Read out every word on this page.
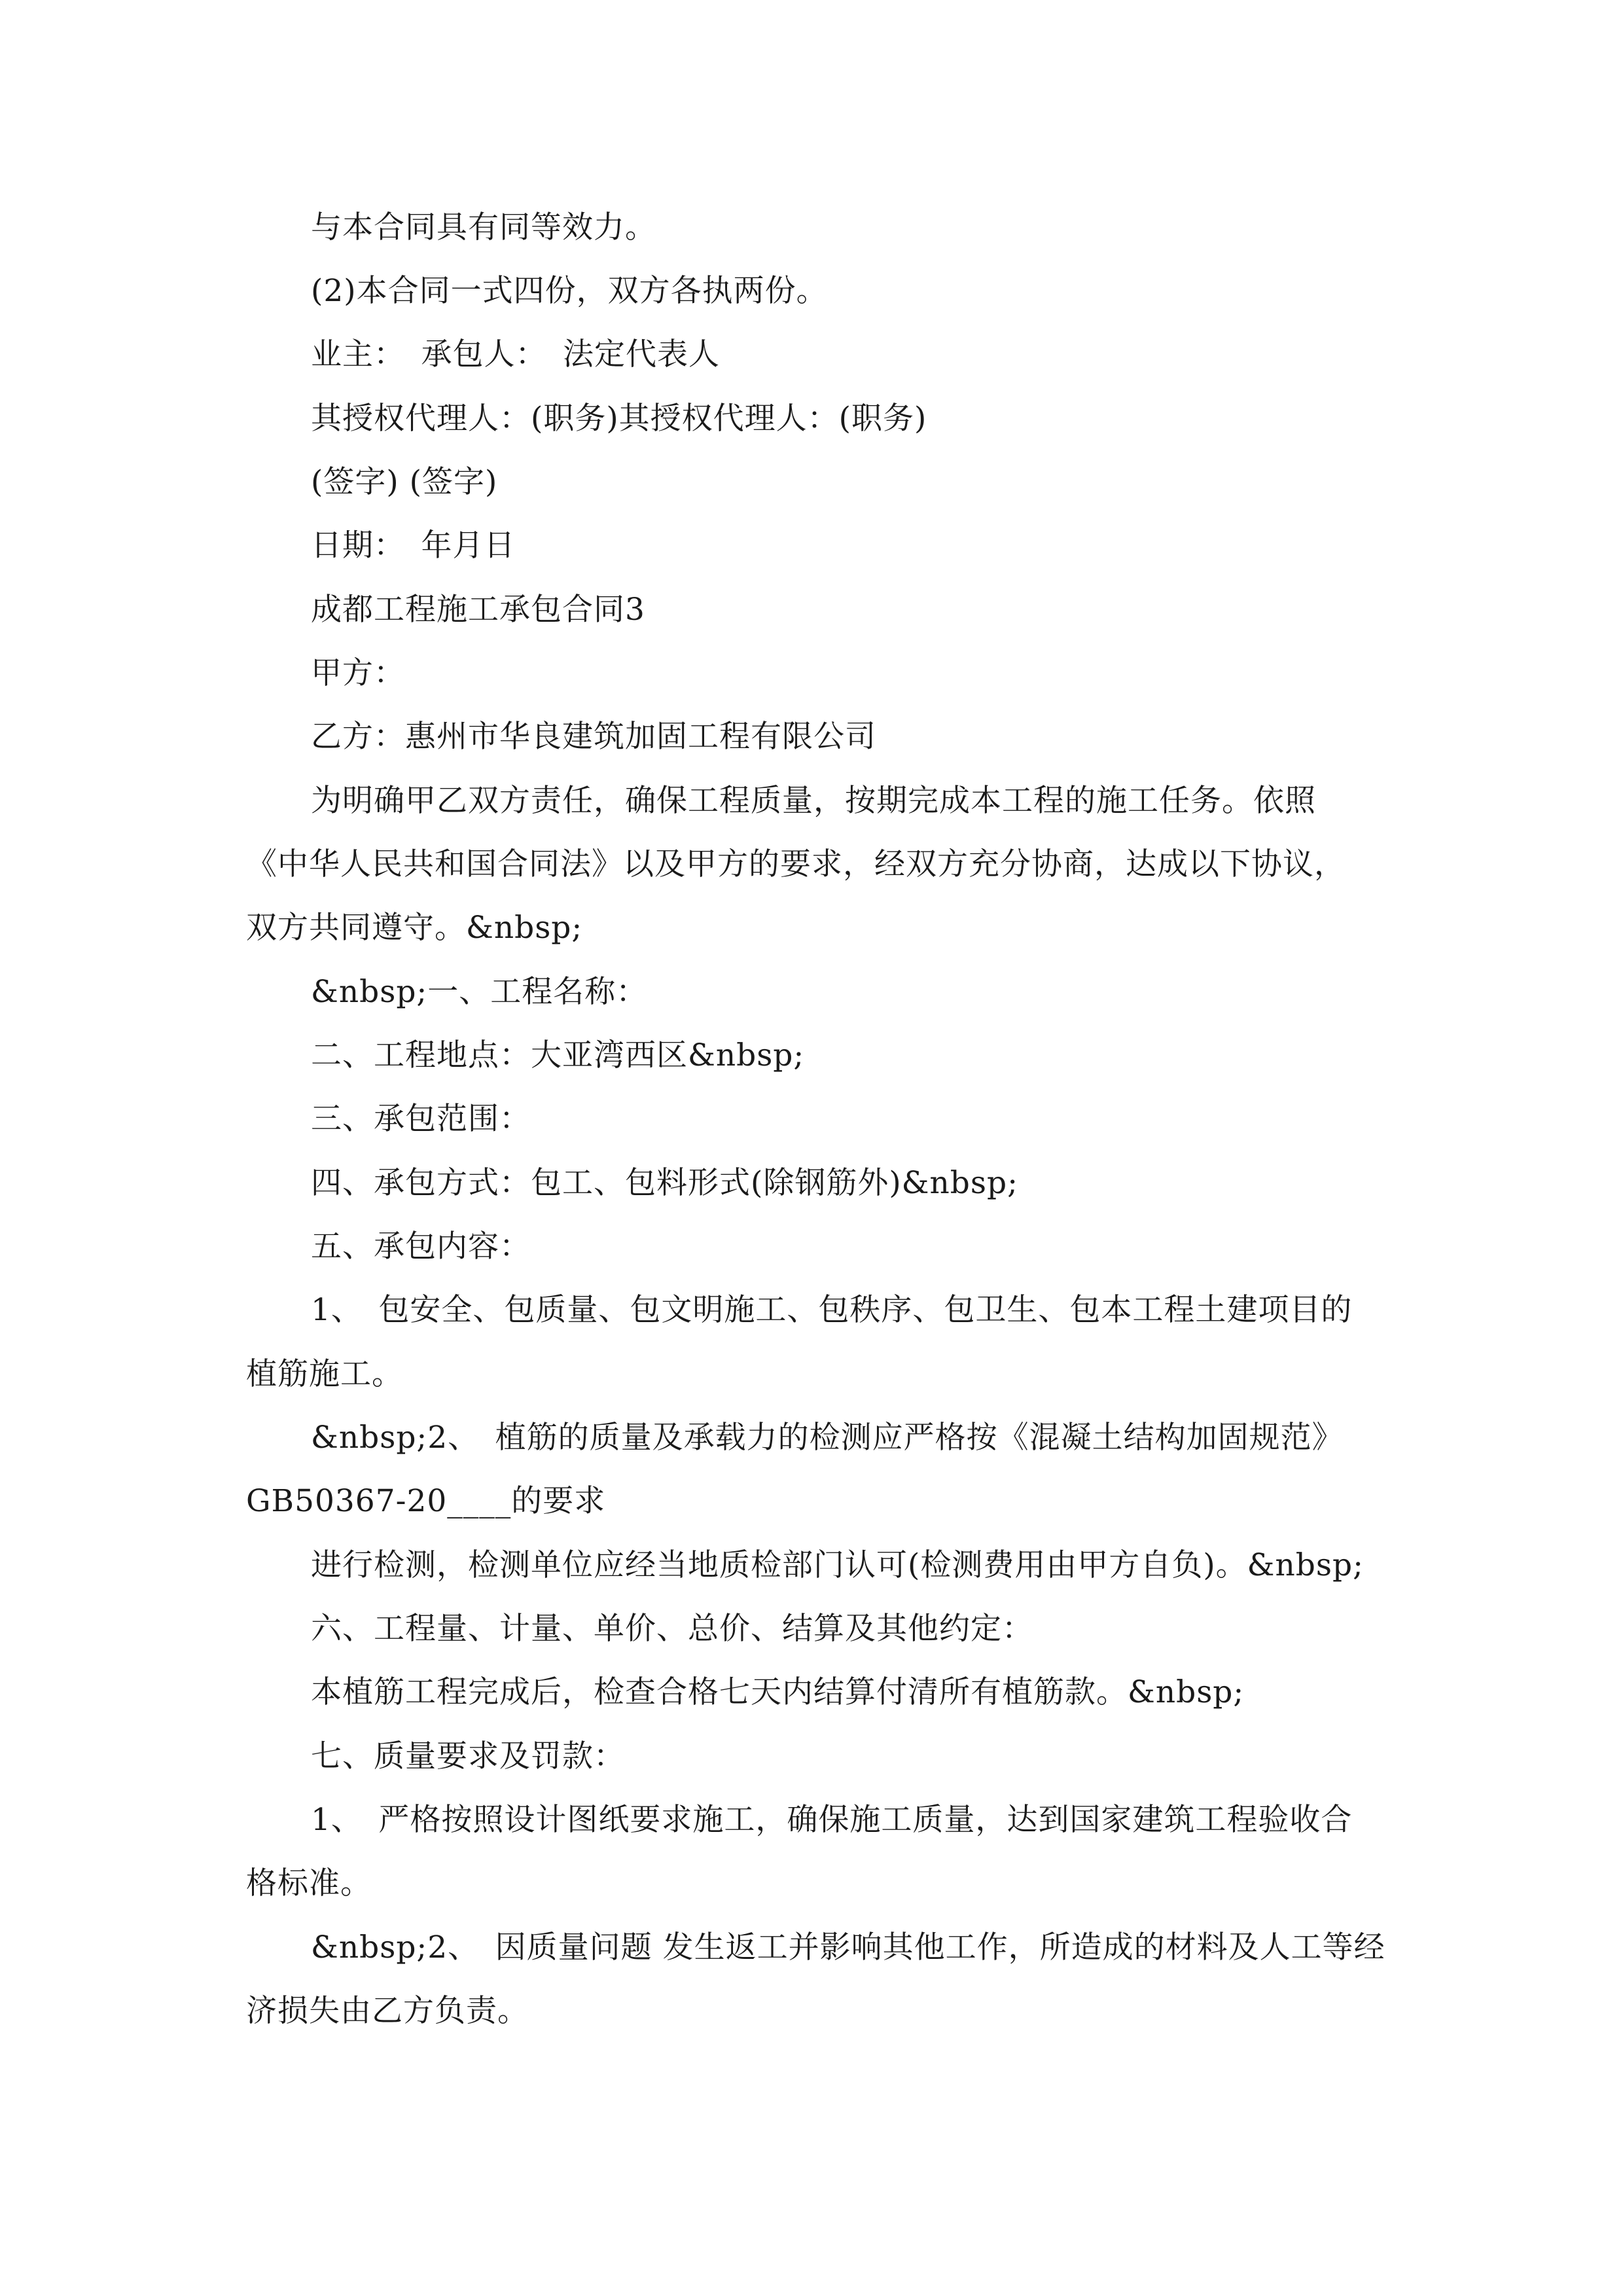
与本合同具有同等效力。
(2)本合同一式四份，双方各执两份。
业主：　承包人：　法定代表人
其授权代理人：(职务)其授权代理人：(职务)
(签字) (签字)
日期：　年月日
成都工程施工承包合同3
甲方：
乙方：惠州市华良建筑加固工程有限公司
为明确甲乙双方责任，确保工程质量，按期完成本工程的施工任务。依照
《中华人民共和国合同法》以及甲方的要求，经双方充分协商，达成以下协议，
双方共同遵守。&nbsp;
&nbsp;一、工程名称：
二、工程地点：大亚湾西区&nbsp;
三、承包范围：
四、承包方式：包工、包料形式(除钢筋外)&nbsp;
五、承包内容：
1、　包安全、包质量、包文明施工、包秩序、包卫生、包本工程土建项目的
植筋施工。
&nbsp;2、　植筋的质量及承载力的检测应严格按《混凝土结构加固规范》
GB50367-20____的要求
进行检测，检测单位应经当地质检部门认可(检测费用由甲方自负)。&nbsp;
六、工程量、计量、单价、总价、结算及其他约定：
本植筋工程完成后，检查合格七天内结算付清所有植筋款。&nbsp;
七、质量要求及罚款：
1、　严格按照设计图纸要求施工，确保施工质量，达到国家建筑工程验收合
格标准。
&nbsp;2、　因质量问题 发生返工并影响其他工作，所造成的材料及人工等经
济损失由乙方负责。
